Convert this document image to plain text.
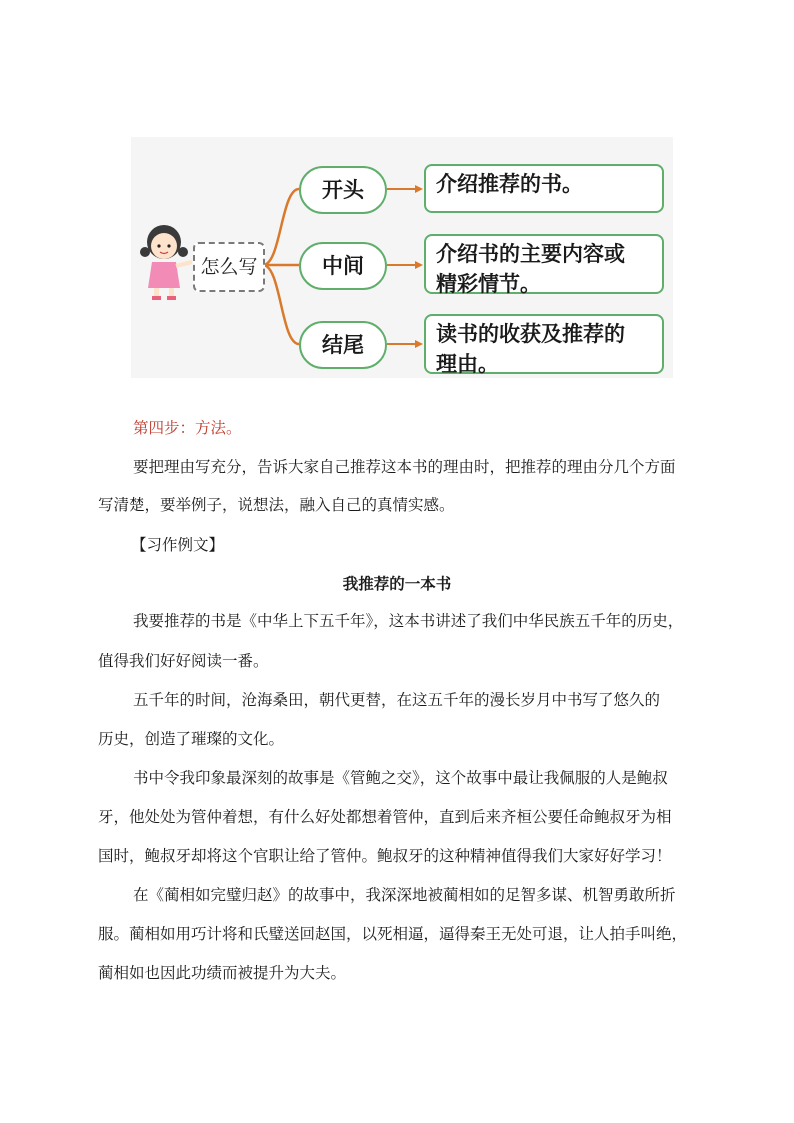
怎么写
开头
中间
结尾
介绍推荐的书。
介绍书的主要内容或
精彩情节。
读书的收获及推荐的
理由。

第四步：方法。

要把理由写充分，告诉大家自己推荐这本书的理由时，把推荐的理由分几个方面

写清楚，要举例子，说想法，融入自己的真情实感。

【习作例文】

我推荐的一本书

我要推荐的书是《中华上下五千年》，这本书讲述了我们中华民族五千年的历史，

值得我们好好阅读一番。

五千年的时间，沧海桑田，朝代更替，在这五千年的漫长岁月中书写了悠久的

历史，创造了璀璨的文化。

书中令我印象最深刻的故事是《管鲍之交》，这个故事中最让我佩服的人是鲍叔

牙，他处处为管仲着想，有什么好处都想着管仲，直到后来齐桓公要任命鲍叔牙为相

国时，鲍叔牙却将这个官职让给了管仲。鲍叔牙的这种精神值得我们大家好好学习！

在《蔺相如完璧归赵》的故事中，我深深地被蔺相如的足智多谋、机智勇敢所折

服。蔺相如用巧计将和氏璧送回赵国，以死相逼，逼得秦王无处可退，让人拍手叫绝，

蔺相如也因此功绩而被提升为大夫。
